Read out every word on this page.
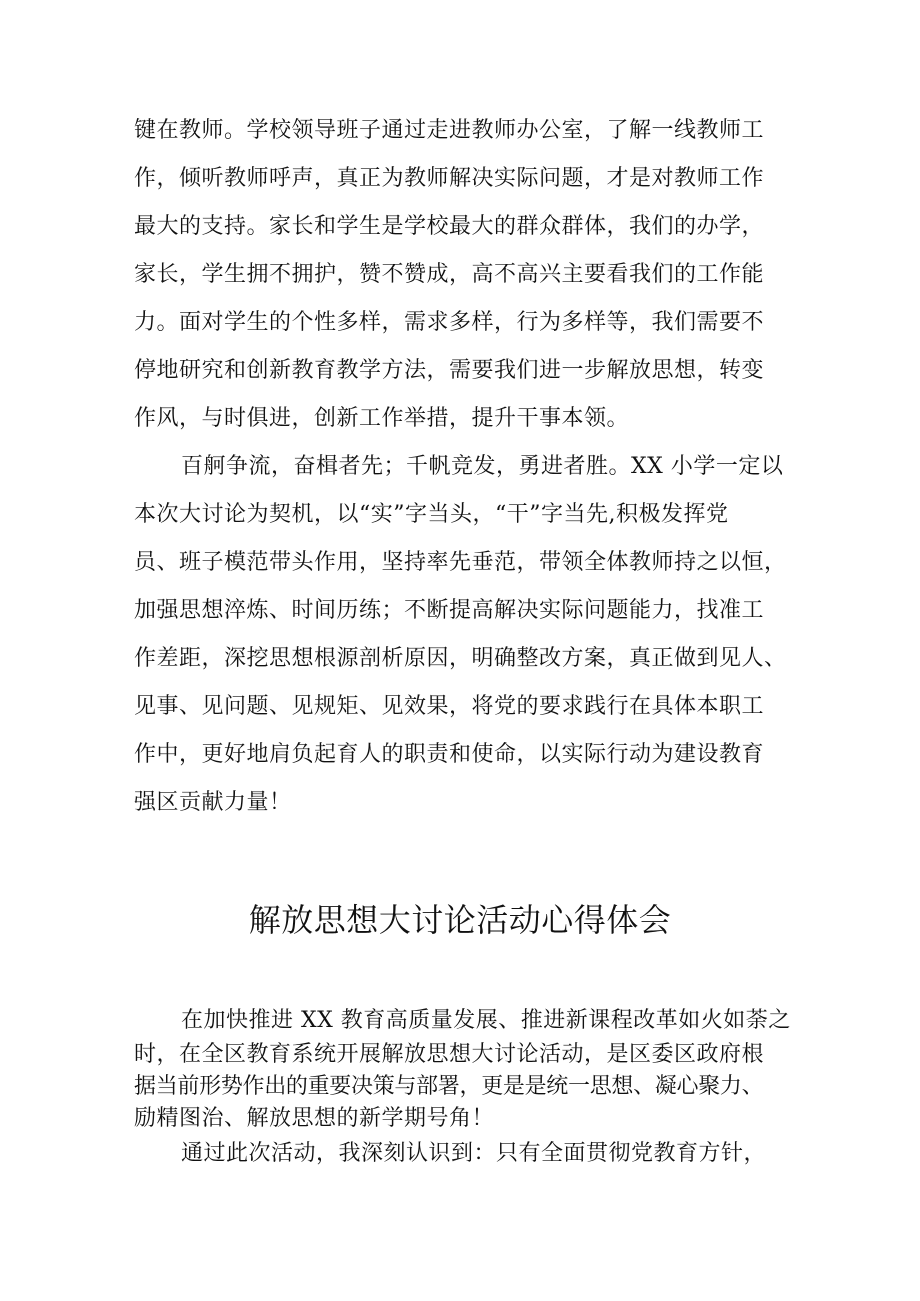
键在教师。学校领导班子通过走进教师办公室，了解一线教师工
作，倾听教师呼声，真正为教师解决实际问题，才是对教师工作
最大的支持。家长和学生是学校最大的群众群体，我们的办学，
家长，学生拥不拥护，赞不赞成，高不高兴主要看我们的工作能
力。面对学生的个性多样，需求多样，行为多样等，我们需要不
停地研究和创新教育教学方法，需要我们进一步解放思想，转变
作风，与时俱进，创新工作举措，提升干事本领。
百舸争流，奋楫者先；千帆竞发，勇进者胜。XX 小学一定以
本次大讨论为契机，以“实”字当头，“干”字当先,积极发挥党
员、班子模范带头作用，坚持率先垂范，带领全体教师持之以恒，
加强思想淬炼、时间历练；不断提高解决实际问题能力，找准工
作差距，深挖思想根源剖析原因，明确整改方案，真正做到见人、
见事、见问题、见规矩、见效果，将党的要求践行在具体本职工
作中，更好地肩负起育人的职责和使命，以实际行动为建设教育
强区贡献力量！
解放思想大讨论活动心得体会
在加快推进 XX 教育高质量发展、推进新课程改革如火如荼之
时，在全区教育系统开展解放思想大讨论活动，是区委区政府根
据当前形势作出的重要决策与部署，更是是统一思想、凝心聚力、
励精图治、解放思想的新学期号角！
通过此次活动，我深刻认识到：只有全面贯彻党教育方针，
